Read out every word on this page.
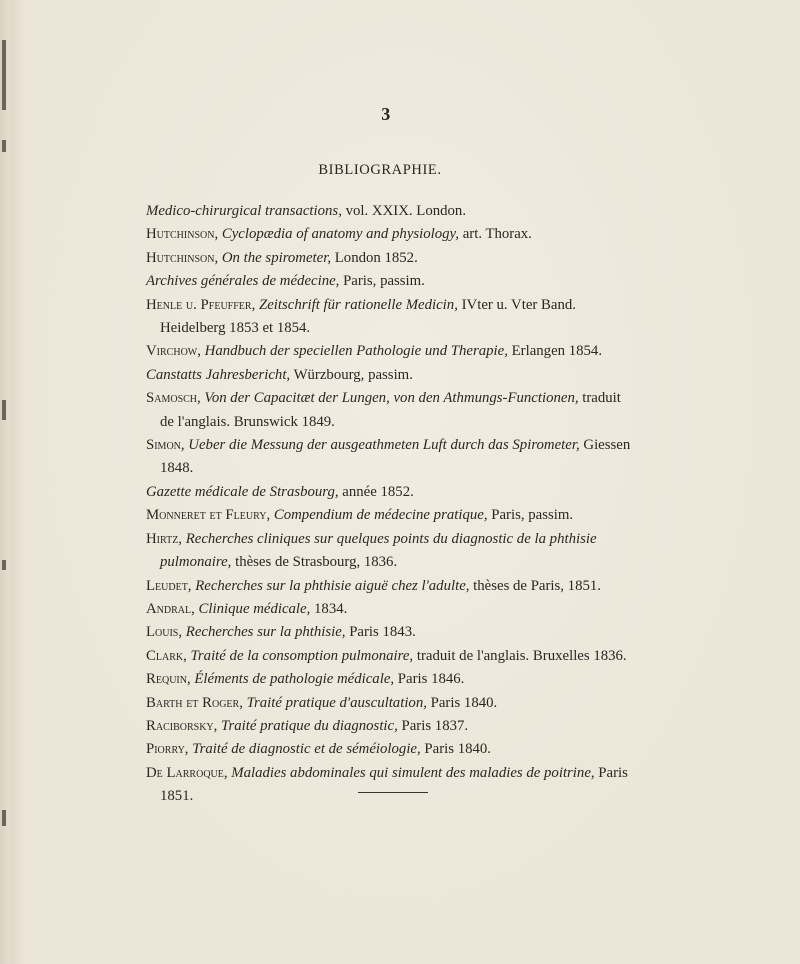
3
BIBLIOGRAPHIE.
Medico-chirurgical transactions, vol. XXIX. London.
Hutchinson, Cyclopædia of anatomy and physiology, art. Thorax.
Hutchinson, On the spirometer, London 1852.
Archives générales de médecine, Paris, passim.
Henle u. Pfeuffer, Zeitschrift für rationelle Medicin, IVter u. Vter Band. Heidelberg 1853 et 1854.
Virchow, Handbuch der speciellen Pathologie und Therapie, Erlangen 1854.
Canstatts Jahresbericht, Würzbourg, passim.
Samosch, Von der Capacitæt der Lungen, von den Athmungs-Functionen, traduit de l'anglais. Brunswick 1849.
Simon, Ueber die Messung der ausgeathmeten Luft durch das Spirometer, Giessen 1848.
Gazette médicale de Strasbourg, année 1852.
Monneret et Fleury, Compendium de médecine pratique, Paris, passim.
Hirtz, Recherches cliniques sur quelques points du diagnostic de la phthisie pulmonaire, thèses de Strasbourg, 1836.
Leudet, Recherches sur la phthisie aiguë chez l'adulte, thèses de Paris, 1851.
Andral, Clinique médicale, 1834.
Louis, Recherches sur la phthisie, Paris 1843.
Clark, Traité de la consomption pulmonaire, traduit de l'anglais. Bruxelles 1836.
Requin, Éléments de pathologie médicale, Paris 1846.
Barth et Roger, Traité pratique d'auscultation, Paris 1840.
Raciborsky, Traité pratique du diagnostic, Paris 1837.
Piorry, Traité de diagnostic et de séméiologie, Paris 1840.
De Larroque, Maladies abdominales qui simulent des maladies de poitrine, Paris 1851.
